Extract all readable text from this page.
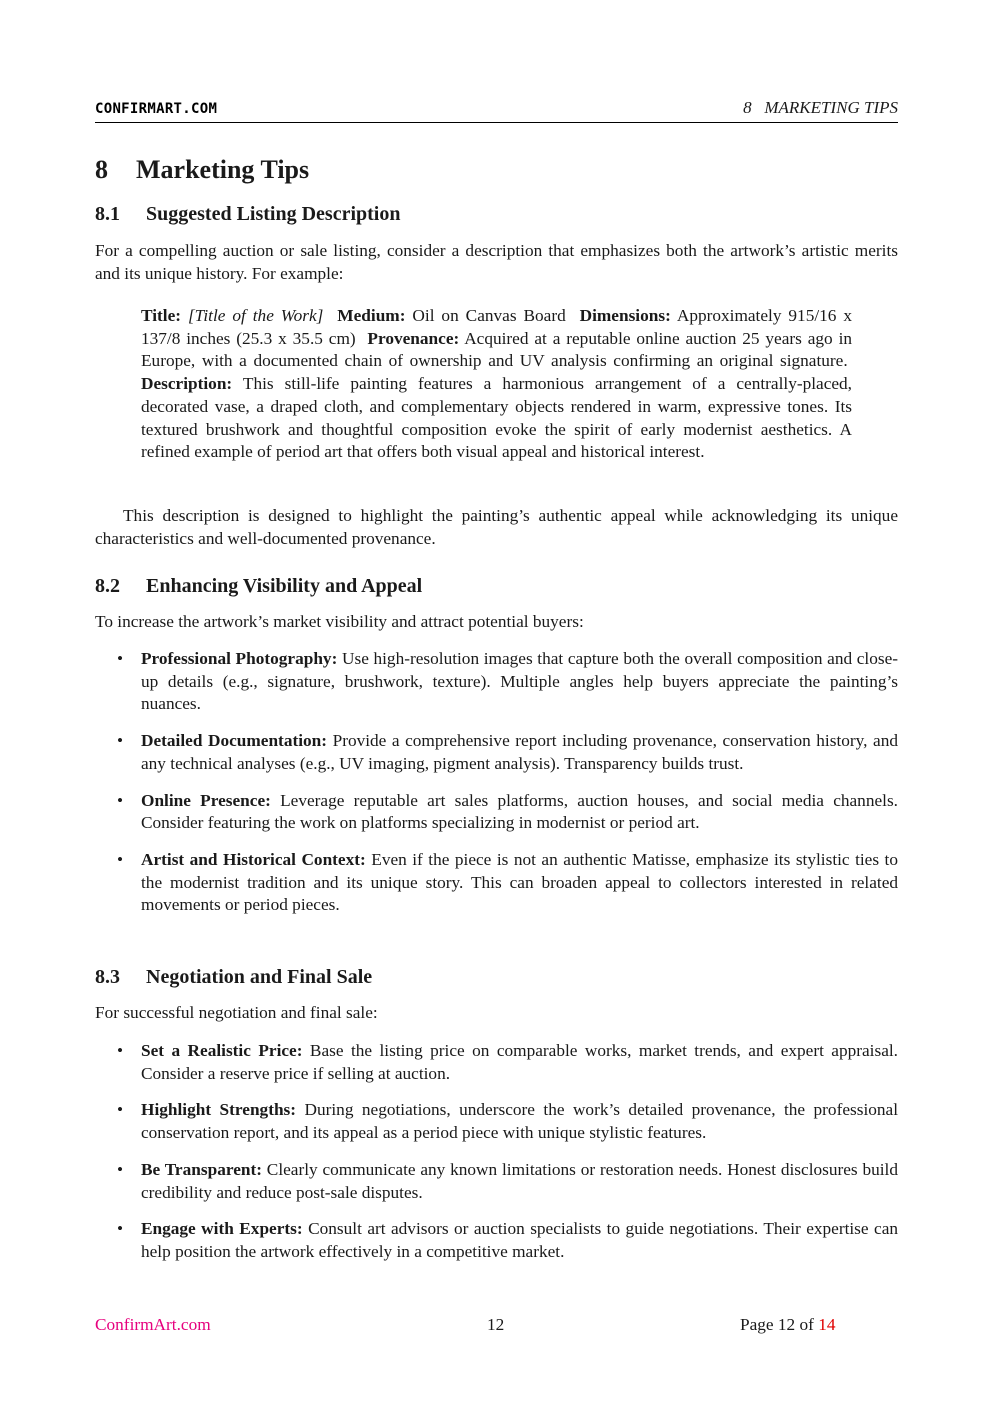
CONFIRMART.COM	8   MARKETING TIPS
8 Marketing Tips
8.1 Suggested Listing Description

For a compelling auction or sale listing, consider a description that emphasizes both the artwork’s artistic merits and its unique history. For example:

Title: [Title of the Work] Medium: Oil on Canvas Board Dimensions: Approximately 915/16 x 137/8 inches (25.3 x 35.5 cm) Provenance: Acquired at a reputable online auction 25 years ago in Europe, with a documented chain of ownership and UV analysis confirming an original signature.  Description: This still-life painting features a harmonious arrangement of a centrally-placed, decorated vase, a draped cloth, and complementary objects rendered in warm, expressive tones. Its textured brushwork and thoughtful composition evoke the spirit of early modernist aesthetics. A refined example of period art that offers both visual appeal and historical interest.

This description is designed to highlight the painting’s authentic appeal while acknowledging its unique characteristics and well-documented provenance.

8.2 Enhancing Visibility and Appeal

To increase the artwork’s market visibility and attract potential buyers:

• Professional Photography: Use high-resolution images that capture both the overall composition and close-up details (e.g., signature, brushwork, texture). Multiple angles help buyers appreciate the painting’s nuances.
• Detailed Documentation: Provide a comprehensive report including provenance, conservation history, and any technical analyses (e.g., UV imaging, pigment analysis). Transparency builds trust.
• Online Presence: Leverage reputable art sales platforms, auction houses, and social media channels. Consider featuring the work on platforms specializing in modernist or period art.
• Artist and Historical Context: Even if the piece is not an authentic Matisse, emphasize its stylistic ties to the modernist tradition and its unique story. This can broaden appeal to collectors interested in related movements or period pieces.
8.3 Negotiation and Final Sale

For successful negotiation and final sale:

• Set a Realistic Price: Base the listing price on comparable works, market trends, and expert appraisal. Consider a reserve price if selling at auction.
• Highlight Strengths: During negotiations, underscore the work’s detailed provenance, the professional conservation report, and its appeal as a period piece with unique stylistic features.
• Be Transparent: Clearly communicate any known limitations or restoration needs. Honest disclosures build credibility and reduce post-sale disputes.
• Engage with Experts: Consult art advisors or auction specialists to guide negotiations. Their expertise can help position the artwork effectively in a competitive market.
ConfirmArt.com	12	Page 12 of 14
